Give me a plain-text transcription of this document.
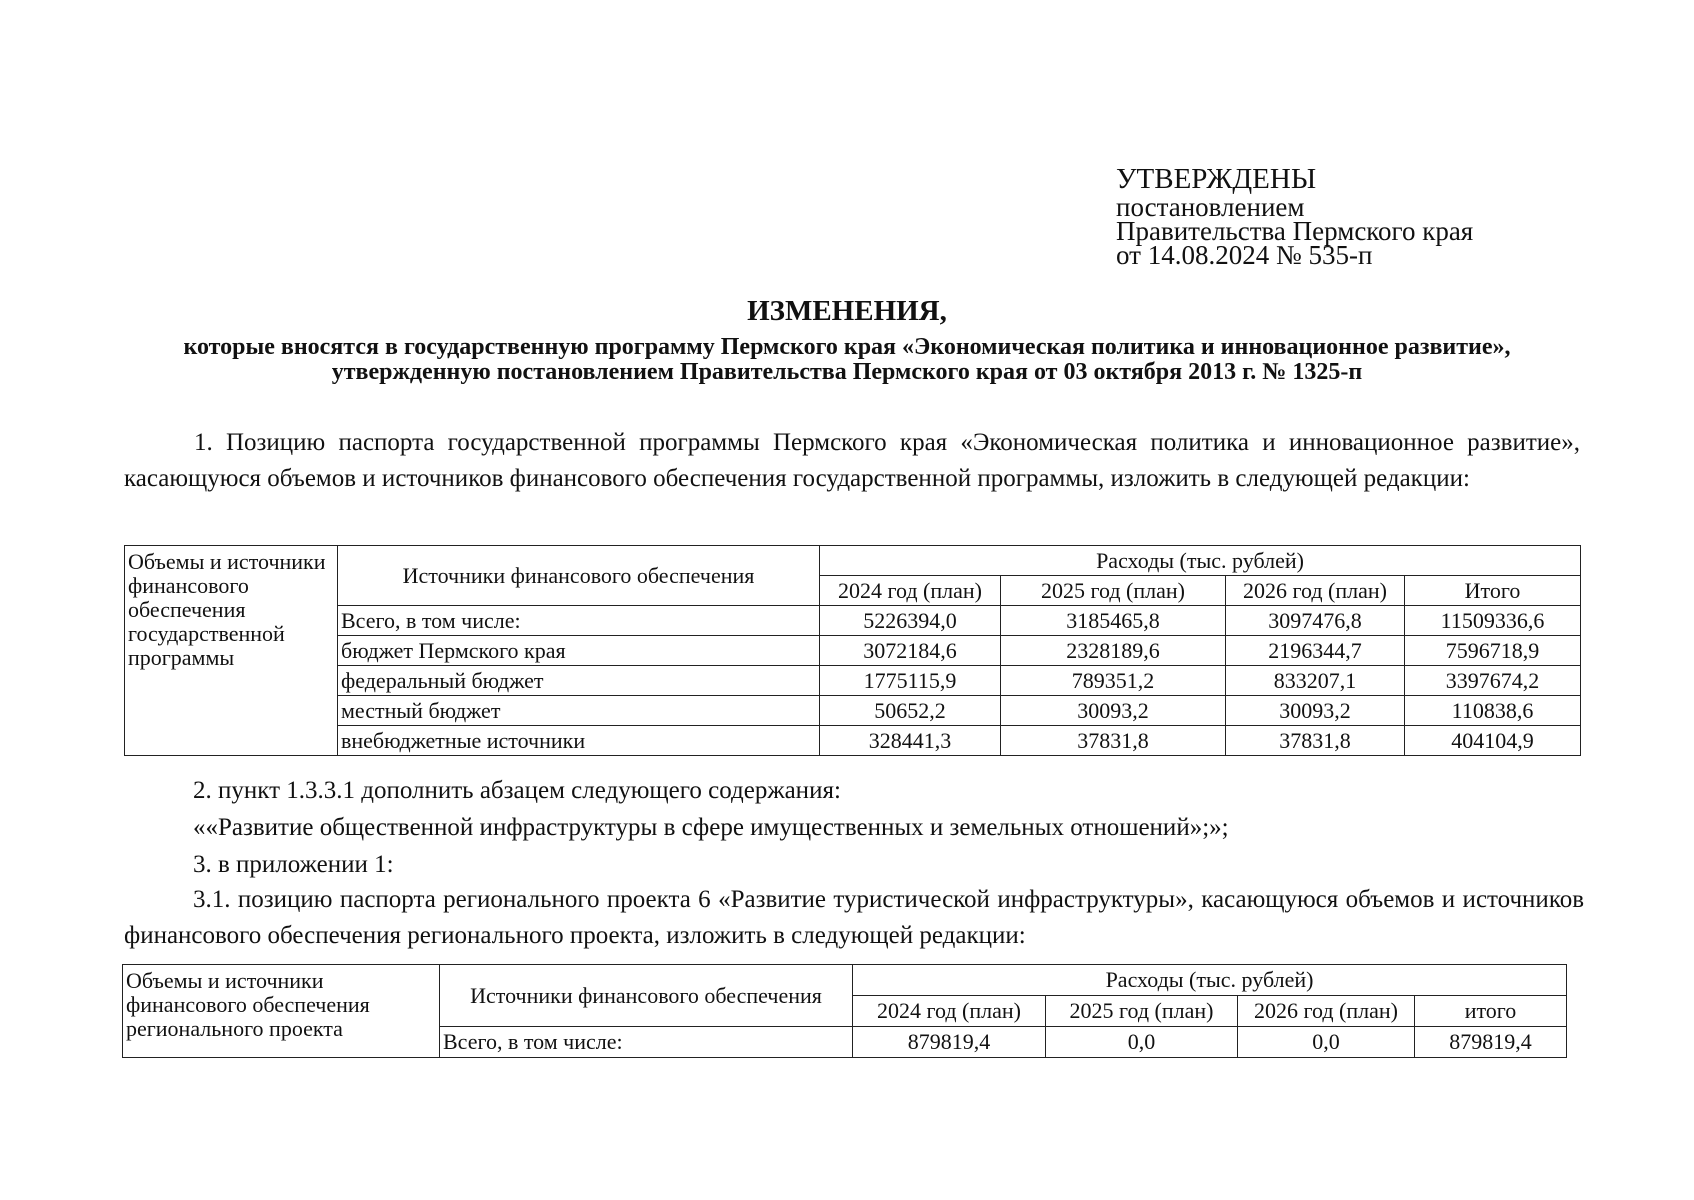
УТВЕРЖДЕНЫ
постановлением
Правительства Пермского края
от 14.08.2024 № 535-п
ИЗМЕНЕНИЯ,
которые вносятся в государственную программу Пермского края «Экономическая политика и инновационное развитие», утвержденную постановлением Правительства Пермского края от 03 октября 2013 г. № 1325-п

1. Позицию паспорта государственной программы Пермского края «Экономическая политика и инновационное развитие», касающуюся объемов и источников финансового обеспечения государственной программы, изложить в следующей редакции:

Объемы и источники финансового обеспечения государственной программы	Источники финансового обеспечения	Расходы (тыс. рублей)			
		2024 год (план)	2025 год (план)	2026 год (план)	Итого
	Всего, в том числе:	5226394,0	3185465,8	3097476,8	11509336,6
	бюджет Пермского края	3072184,6	2328189,6	2196344,7	7596718,9
	федеральный бюджет	1775115,9	789351,2	833207,1	3397674,2
	местный бюджет	50652,2	30093,2	30093,2	110838,6
	внебюджетные источники	328441,3	37831,8	37831,8	404104,9
2. пункт 1.3.3.1 дополнить абзацем следующего содержания:
««Развитие общественной инфраструктуры в сфере имущественных и земельных отношений»;»;
3. в приложении 1:

3.1. позицию паспорта регионального проекта 6 «Развитие туристической инфраструктуры», касающуюся объемов и источников финансового обеспечения регионального проекта, изложить в следующей редакции:

Объемы и источники финансового обеспечения регионального проекта	Источники финансового обеспечения	Расходы (тыс. рублей)			
		2024 год (план)	2025 год (план)	2026 год (план)	итого
	Всего, в том числе:	879819,4	0,0	0,0	879819,4
